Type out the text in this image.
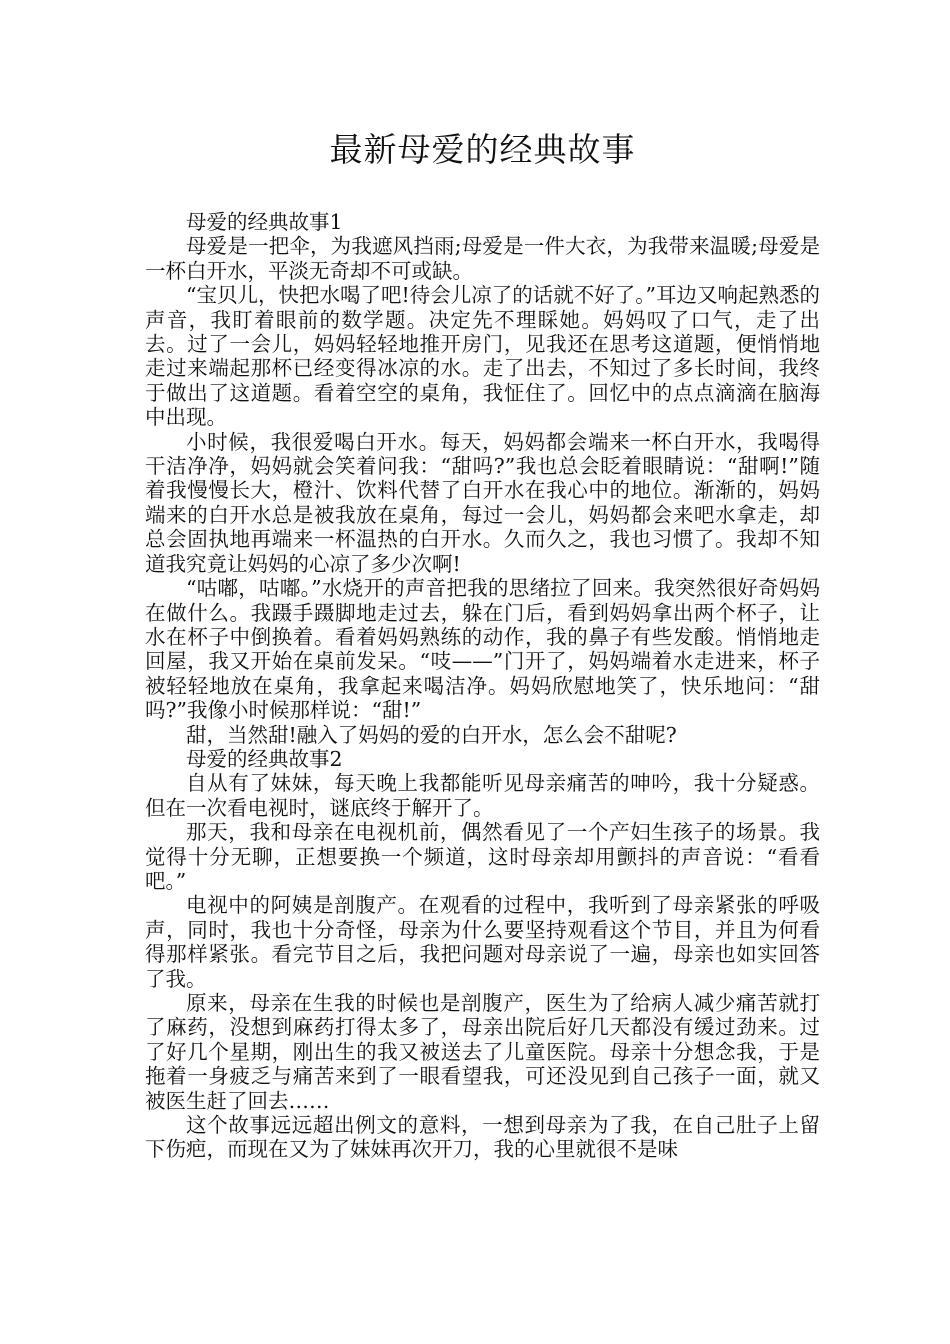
最新母爱的经典故事

母爱的经典故事1

母爱是一把伞，为我遮风挡雨;母爱是一件大衣，为我带来温暖;母爱是一杯白开水，平淡无奇却不可或缺。

“宝贝儿，快把水喝了吧!待会儿凉了的话就不好了。”耳边又响起熟悉的声音，我盯着眼前的数学题。决定先不理睬她。妈妈叹了口气，走了出去。过了一会儿，妈妈轻轻地推开房门，见我还在思考这道题，便悄悄地走过来端起那杯已经变得冰凉的水。走了出去，不知过了多长时间，我终于做出了这道题。看着空空的桌角，我怔住了。回忆中的点点滴滴在脑海中出现。

小时候，我很爱喝白开水。每天，妈妈都会端来一杯白开水，我喝得干洁净净，妈妈就会笑着问我：“甜吗?”我也总会眨着眼睛说：“甜啊!”随着我慢慢长大，橙汁、饮料代替了白开水在我心中的地位。渐渐的，妈妈端来的白开水总是被我放在桌角，每过一会儿，妈妈都会来吧水拿走，却总会固执地再端来一杯温热的白开水。久而久之，我也习惯了。我却不知道我究竟让妈妈的心凉了多少次啊!

“咕嘟，咕嘟。”水烧开的声音把我的思绪拉了回来。我突然很好奇妈妈在做什么。我蹑手蹑脚地走过去，躲在门后，看到妈妈拿出两个杯子，让水在杯子中倒换着。看着妈妈熟练的动作，我的鼻子有些发酸。悄悄地走回屋，我又开始在桌前发呆。“吱——”门开了，妈妈端着水走进来，杯子被轻轻地放在桌角，我拿起来喝洁净。妈妈欣慰地笑了，快乐地问：“甜吗?”我像小时候那样说：“甜!”

甜，当然甜!融入了妈妈的爱的白开水，怎么会不甜呢?

母爱的经典故事2

自从有了妹妹，每天晚上我都能听见母亲痛苦的呻吟，我十分疑惑。但在一次看电视时，谜底终于解开了。

那天，我和母亲在电视机前，偶然看见了一个产妇生孩子的场景。我觉得十分无聊，正想要换一个频道，这时母亲却用颤抖的声音说：“看看吧。”

电视中的阿姨是剖腹产。在观看的过程中，我听到了母亲紧张的呼吸声，同时，我也十分奇怪，母亲为什么要坚持观看这个节目，并且为何看得那样紧张。看完节目之后，我把问题对母亲说了一遍，母亲也如实回答了我。

原来，母亲在生我的时候也是剖腹产，医生为了给病人减少痛苦就打了麻药，没想到麻药打得太多了，母亲出院后好几天都没有缓过劲来。过了好几个星期，刚出生的我又被送去了儿童医院。母亲十分想念我，于是拖着一身疲乏与痛苦来到了一眼看望我，可还没见到自己孩子一面，就又被医生赶了回去……

这个故事远远超出例文的意料，一想到母亲为了我，在自己肚子上留下伤疤，而现在又为了妹妹再次开刀，我的心里就很不是味
